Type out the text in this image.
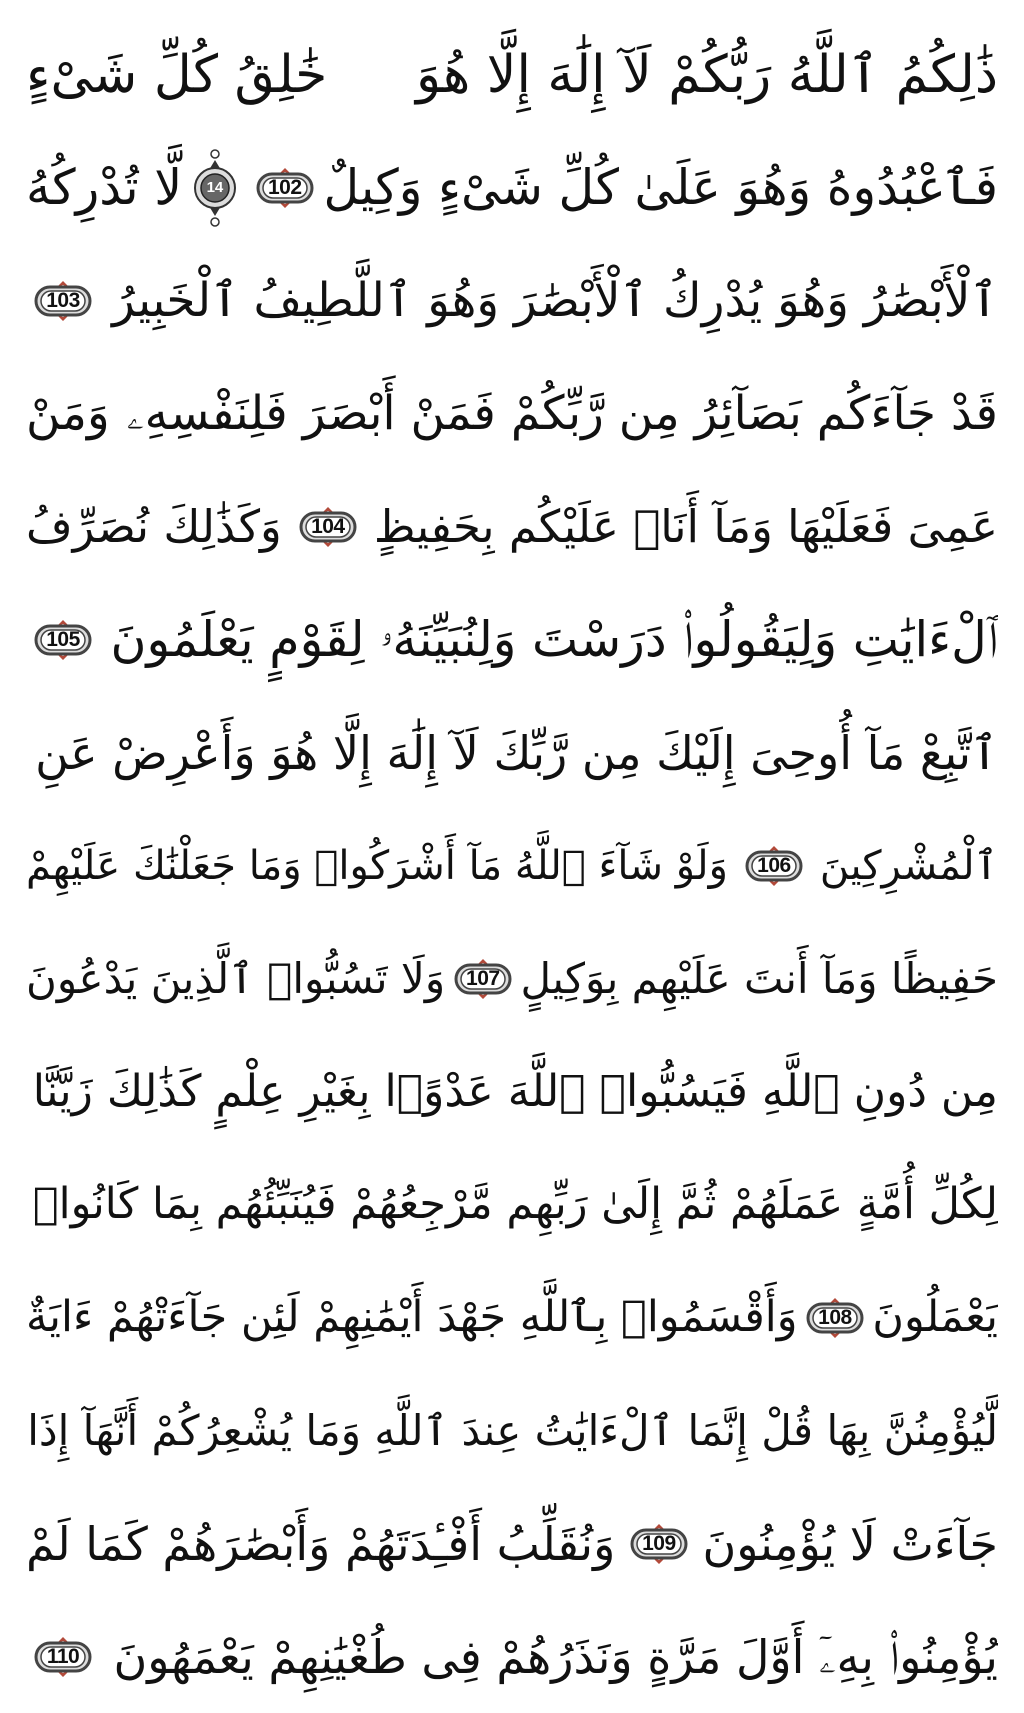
ذَٰلِكُمُ ٱللَّهُ رَبُّكُمْ لَآ إِلَٰهَ إِلَّا هُوَ
خَٰلِقُ كُلِّ شَىْءٍ
فَٱعْبُدُوهُ وَهُوَ عَلَىٰ كُلِّ شَىْءٍ وَكِيلٌ
102
14
لَّا تُدْرِكُهُ
ٱلْأَبْصَٰرُ وَهُوَ يُدْرِكُ ٱلْأَبْصَٰرَ وَهُوَ ٱللَّطِيفُ ٱلْخَبِيرُ
103
قَدْ جَآءَكُم بَصَآئِرُ مِن رَّبِّكُمْ فَمَنْ أَبْصَرَ فَلِنَفْسِهِۦ
وَمَنْ
عَمِىَ فَعَلَيْهَا وَمَآ أَنَا۠ عَلَيْكُم بِحَفِيظٍ
104
وَكَذَٰلِكَ نُصَرِّفُ
ٱلْءَايَٰتِ وَلِيَقُولُوا۟ دَرَسْتَ وَلِنُبَيِّنَهُۥ لِقَوْمٍ يَعْلَمُونَ
105
ٱتَّبِعْ مَآ أُوحِىَ إِلَيْكَ مِن رَّبِّكَ لَآ إِلَٰهَ إِلَّا هُوَ وَأَعْرِضْ عَنِ
ٱلْمُشْرِكِينَ
106
وَلَوْ شَآءَ ٱللَّهُ مَآ أَشْرَكُوا۟ وَمَا جَعَلْنَٰكَ عَلَيْهِمْ
حَفِيظًا وَمَآ أَنتَ عَلَيْهِم بِوَكِيلٍ
107
وَلَا تَسُبُّوا۟ ٱلَّذِينَ يَدْعُونَ
مِن دُونِ ٱللَّهِ فَيَسُبُّوا۟ ٱللَّهَ عَدْوًۢا بِغَيْرِ عِلْمٍ كَذَٰلِكَ زَيَّنَّا
لِكُلِّ أُمَّةٍ عَمَلَهُمْ ثُمَّ إِلَىٰ رَبِّهِم مَّرْجِعُهُمْ فَيُنَبِّئُهُم بِمَا كَانُوا۟
يَعْمَلُونَ
108
وَأَقْسَمُوا۟ بِٱللَّهِ جَهْدَ أَيْمَٰنِهِمْ لَئِن جَآءَتْهُمْ ءَايَةٌ
لَّيُؤْمِنُنَّ بِهَا قُلْ إِنَّمَا ٱلْءَايَٰتُ عِندَ ٱللَّهِ وَمَا يُشْعِرُكُمْ أَنَّهَآ إِذَا
جَآءَتْ لَا يُؤْمِنُونَ
109
وَنُقَلِّبُ أَفْـِٔدَتَهُمْ وَأَبْصَٰرَهُمْ كَمَا لَمْ
يُؤْمِنُوا۟ بِهِۦٓ أَوَّلَ مَرَّةٍ وَنَذَرُهُمْ فِى طُغْيَٰنِهِمْ يَعْمَهُونَ
110
